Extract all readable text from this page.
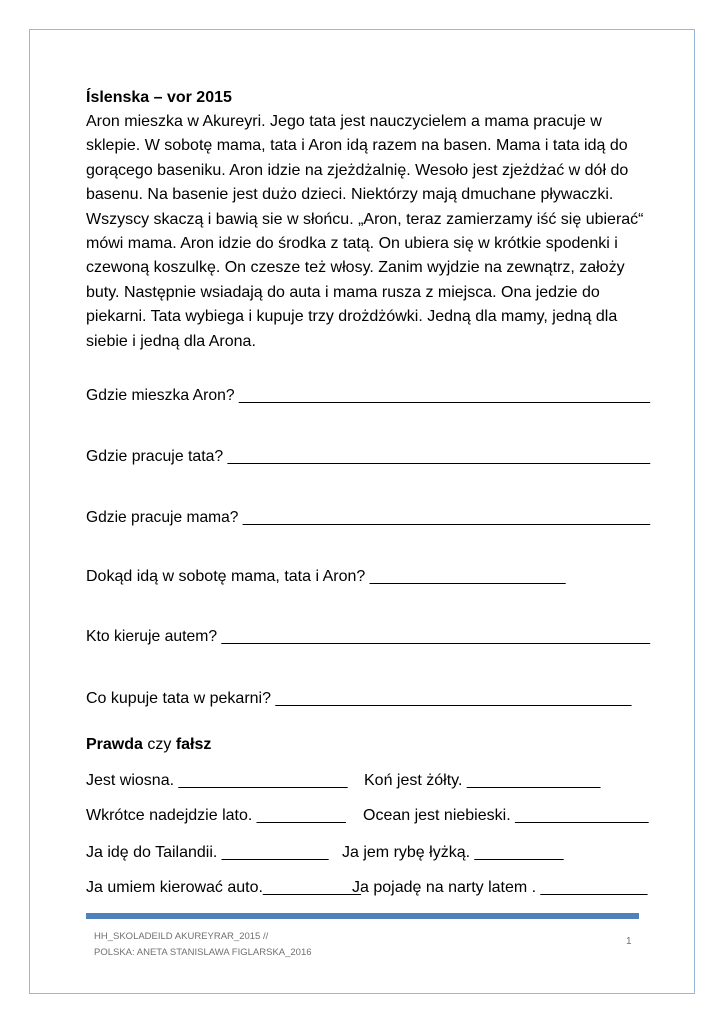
Íslenska – vor 2015
Aron mieszka w Akureyri. Jego tata jest nauczycielem a mama pracuje w
sklepie. W sobotę mama, tata i Aron idą razem na basen. Mama i tata idą do
gorącego baseniku. Aron idzie na zjeżdżalnię. Wesoło jest zjeżdżać w dół do
basenu. Na basenie jest dużo dzieci. Niektórzy mają dmuchane pływaczki.
Wszyscy skaczą i bawią sie w słońcu. „Aron, teraz zamierzamy iść się ubierać“
mówi mama. Aron idzie do środka z tatą. On ubiera się w krótkie spodenki i
czewoną koszulkę. On czesze też włosy. Zanim wyjdzie na zewnątrz, założy
buty. Następnie wsiadają do auta i mama rusza z miejsca. Ona jedzie do
piekarni. Tata wybiega i kupuje trzy drożdżówki. Jedną dla mamy, jedną dla
siebie i jedną dla Arona.
Gdzie mieszka Aron? _______________________________________________
Gdzie pracuje tata? ________________________________________________
Gdzie pracuje mama? _______________________________________________
Dokąd idą w sobotę mama, tata i Aron? ______________________
Kto kieruje autem? _________________________________________________
Co kupuje tata w pekarni? ________________________________________
Prawda czy fałsz
Jest wiosna. ___________________ Koń jest żółty. _______________
Wkrótce nadejdzie lato. __________ Ocean jest niebieski. _______________
Ja idę do Tailandii. ____________ Ja jem rybę łyżką. __________
Ja umiem kierować auto.___________
Ja pojadę na narty latem . ____________
HH_SKOLADEILD AKUREYRAR_2015 //
POLSKA: ANETA STANISLAWA FIGLARSKA_2016
1
